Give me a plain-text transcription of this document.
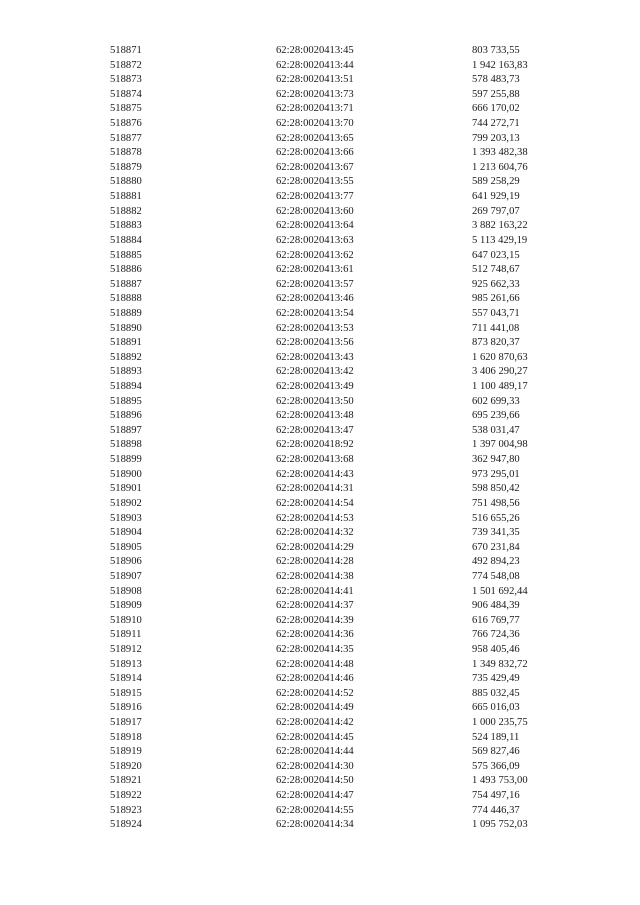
518871	62:28:0020413:45	803 733,55
518872	62:28:0020413:44	1 942 163,83
518873	62:28:0020413:51	578 483,73
518874	62:28:0020413:73	597 255,88
518875	62:28:0020413:71	666 170,02
518876	62:28:0020413:70	744 272,71
518877	62:28:0020413:65	799 203,13
518878	62:28:0020413:66	1 393 482,38
518879	62:28:0020413:67	1 213 604,76
518880	62:28:0020413:55	589 258,29
518881	62:28:0020413:77	641 929,19
518882	62:28:0020413:60	269 797,07
518883	62:28:0020413:64	3 882 163,22
518884	62:28:0020413:63	5 113 429,19
518885	62:28:0020413:62	647 023,15
518886	62:28:0020413:61	512 748,67
518887	62:28:0020413:57	925 662,33
518888	62:28:0020413:46	985 261,66
518889	62:28:0020413:54	557 043,71
518890	62:28:0020413:53	711 441,08
518891	62:28:0020413:56	873 820,37
518892	62:28:0020413:43	1 620 870,63
518893	62:28:0020413:42	3 406 290,27
518894	62:28:0020413:49	1 100 489,17
518895	62:28:0020413:50	602 699,33
518896	62:28:0020413:48	695 239,66
518897	62:28:0020413:47	538 031,47
518898	62:28:0020418:92	1 397 004,98
518899	62:28:0020413:68	362 947,80
518900	62:28:0020414:43	973 295,01
518901	62:28:0020414:31	598 850,42
518902	62:28:0020414:54	751 498,56
518903	62:28:0020414:53	516 655,26
518904	62:28:0020414:32	739 341,35
518905	62:28:0020414:29	670 231,84
518906	62:28:0020414:28	492 894,23
518907	62:28:0020414:38	774 548,08
518908	62:28:0020414:41	1 501 692,44
518909	62:28:0020414:37	906 484,39
518910	62:28:0020414:39	616 769,77
518911	62:28:0020414:36	766 724,36
518912	62:28:0020414:35	958 405,46
518913	62:28:0020414:48	1 349 832,72
518914	62:28:0020414:46	735 429,49
518915	62:28:0020414:52	885 032,45
518916	62:28:0020414:49	665 016,03
518917	62:28:0020414:42	1 000 235,75
518918	62:28:0020414:45	524 189,11
518919	62:28:0020414:44	569 827,46
518920	62:28:0020414:30	575 366,09
518921	62:28:0020414:50	1 493 753,00
518922	62:28:0020414:47	754 497,16
518923	62:28:0020414:55	774 446,37
518924	62:28:0020414:34	1 095 752,03
